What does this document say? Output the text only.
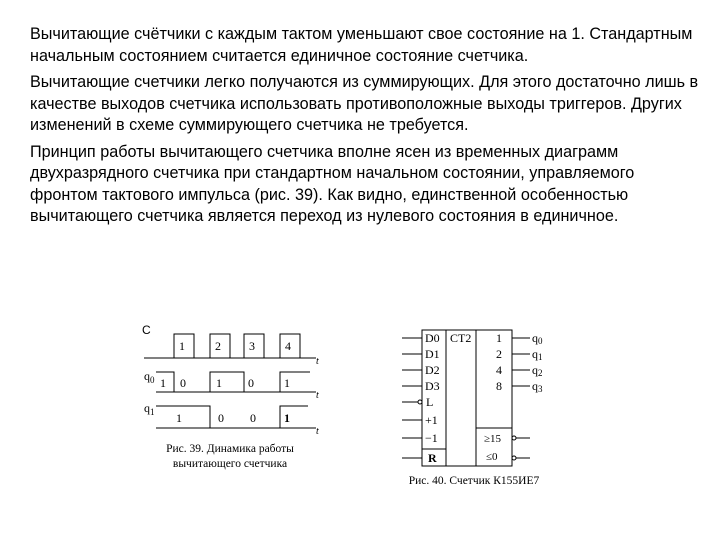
Вычитающие счётчики с каждым тактом уменьшают свое состояние на 1. Стандартным начальным состоянием считается единичное состояние счетчика.

Вычитающие счетчики легко получаются из суммирующих. Для этого достаточно лишь в качестве выходов счетчика использовать противоположные выходы триггеров. Других изменений в схеме суммирующего счетчика не требуется.

Принцип работы вычитающего счетчика вполне ясен из временных диаграмм двухразрядного счетчика при стандартном начальном состоянии, управляемого фронтом тактового импульса (рис. 39). Как видно, единственной особенностью вычитающего счетчика является переход из нулевого состояния в единичное.

C
t
1	2 3	4
$q_0$
t
1 0	1 0	1
$q_1$
t
1	0 0 1
Рис. 39. Динамика работы
вычитающего счетчика
D0
D1
D2
D3
L
+1
−1
R
CT2 1
2
4
8
q0
q1
q2
q3
≥15
≤0
Рис. 40. Счетчик К155ИЕ7
